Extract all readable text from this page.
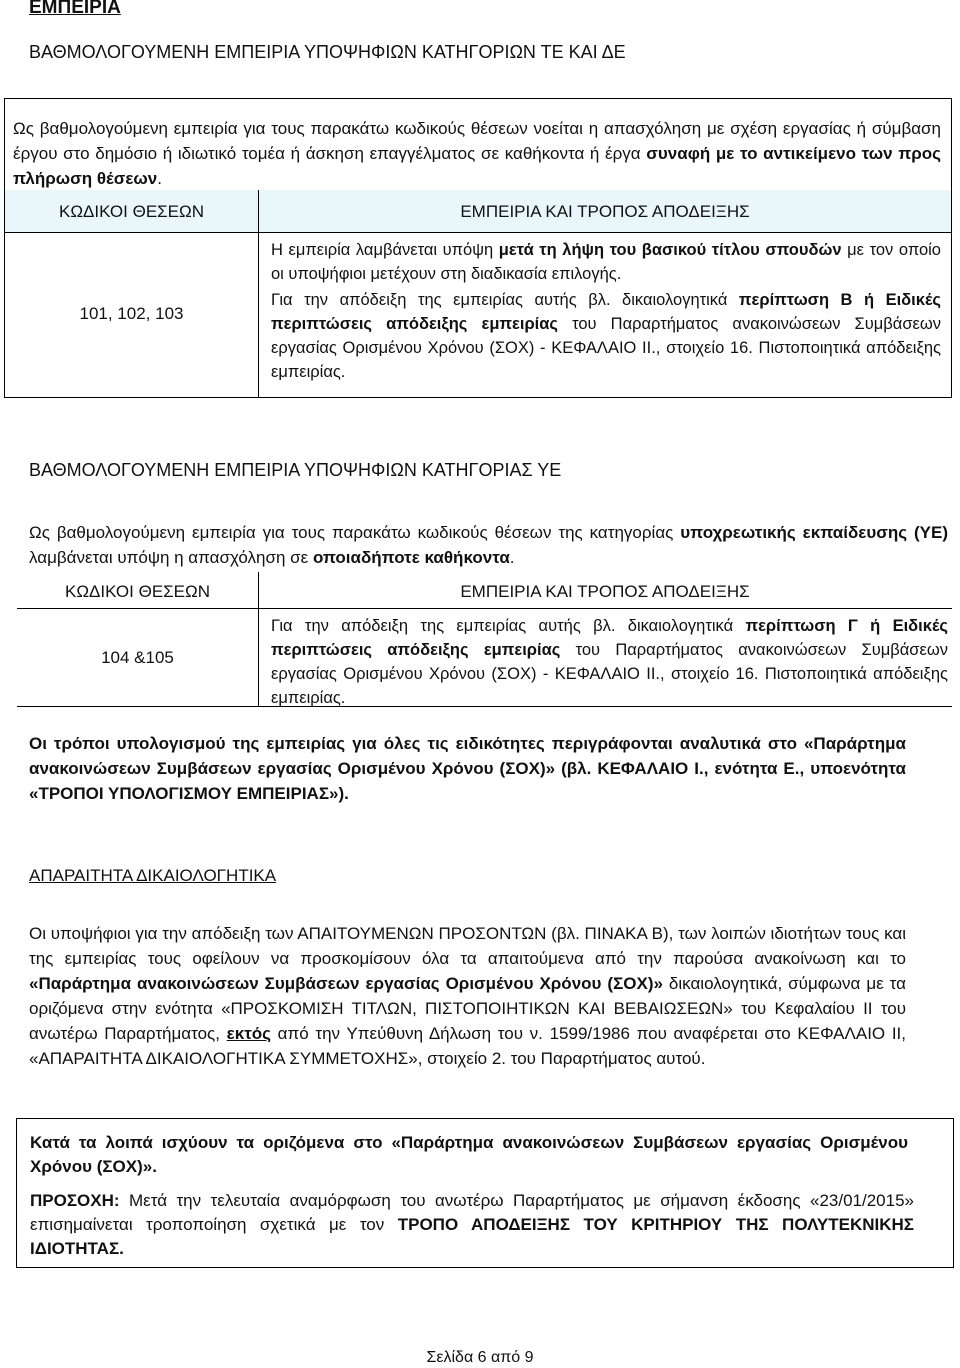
ΕΜΠΕΙΡΙΑ
ΒΑΘΜΟΛΟΓΟΥΜΕΝΗ ΕΜΠΕΙΡΙΑ ΥΠΟΨΗΦΙΩΝ ΚΑΤΗΓΟΡΙΩΝ ΤΕ ΚΑΙ ΔΕ
Ως βαθμολογούμενη εμπειρία για τους παρακάτω κωδικούς θέσεων νοείται η απασχόληση με σχέση εργασίας ή σύμβαση έργου στο δημόσιο ή ιδιωτικό τομέα ή άσκηση επαγγέλματος σε καθήκοντα ή έργα συναφή με το αντικείμενο των προς πλήρωση θέσεων.
ΚΩΔΙΚΟΙ ΘΕΣΕΩΝ	ΕΜΠΕΙΡΙΑ ΚΑΙ ΤΡΟΠΟΣ ΑΠΟΔΕΙΞΗΣ
101, 102, 103
Η εμπειρία λαμβάνεται υπόψη μετά τη λήψη του βασικού τίτλου σπουδών με τον οποίο οι υποψήφιοι μετέχουν στη διαδικασία επιλογής.
Για την απόδειξη της εμπειρίας αυτής βλ. δικαιολογητικά περίπτωση Β ή Ειδικές περιπτώσεις απόδειξης εμπειρίας του Παραρτήματος ανακοινώσεων Συμβάσεων εργασίας Ορισμένου Χρόνου (ΣΟΧ) - ΚΕΦΑΛΑΙΟ ΙΙ., στοιχείο 16. Πιστοποιητικά απόδειξης εμπειρίας.
ΒΑΘΜΟΛΟΓΟΥΜΕΝΗ ΕΜΠΕΙΡΙΑ ΥΠΟΨΗΦΙΩΝ ΚΑΤΗΓΟΡΙΑΣ ΥΕ
Ως βαθμολογούμενη εμπειρία για τους παρακάτω κωδικούς θέσεων της κατηγορίας υποχρεωτικής εκπαίδευσης (ΥΕ) λαμβάνεται υπόψη η απασχόληση σε οποιαδήποτε καθήκοντα.
ΚΩΔΙΚΟΙ ΘΕΣΕΩΝ	ΕΜΠΕΙΡΙΑ ΚΑΙ ΤΡΟΠΟΣ ΑΠΟΔΕΙΞΗΣ
104 &105
Για την απόδειξη της εμπειρίας αυτής βλ. δικαιολογητικά περίπτωση Γ ή Ειδικές περιπτώσεις απόδειξης εμπειρίας του Παραρτήματος ανακοινώσεων Συμβάσεων εργασίας Ορισμένου Χρόνου (ΣΟΧ) - ΚΕΦΑΛΑΙΟ ΙΙ., στοιχείο 16. Πιστοποιητικά απόδειξης εμπειρίας.
Οι τρόποι υπολογισμού της εμπειρίας για όλες τις ειδικότητες περιγράφονται αναλυτικά στο «Παράρτημα ανακοινώσεων Συμβάσεων εργασίας Ορισμένου Χρόνου (ΣΟΧ)» (βλ. ΚΕΦΑΛΑΙΟ Ι., ενότητα Ε., υποενότητα «ΤΡΟΠΟΙ ΥΠΟΛΟΓΙΣΜΟΥ ΕΜΠΕΙΡΙΑΣ»).
ΑΠΑΡΑΙΤΗΤΑ ΔΙΚΑΙΟΛΟΓΗΤΙΚΑ
Οι υποψήφιοι για την απόδειξη των ΑΠΑΙΤΟΥΜΕΝΩΝ ΠΡΟΣΟΝΤΩΝ (βλ. ΠΙΝΑΚΑ Β), των λοιπών ιδιοτήτων τους και της εμπειρίας τους οφείλουν να προσκομίσουν όλα τα απαιτούμενα από την παρούσα ανακοίνωση και το «Παράρτημα ανακοινώσεων Συμβάσεων εργασίας Ορισμένου Χρόνου (ΣΟΧ)» δικαιολογητικά, σύμφωνα με τα οριζόμενα στην ενότητα «ΠΡΟΣΚΟΜΙΣΗ ΤΙΤΛΩΝ, ΠΙΣΤΟΠΟΙΗΤΙΚΩΝ ΚΑΙ ΒΕΒΑΙΩΣΕΩΝ» του Κεφαλαίου ΙΙ του ανωτέρω Παραρτήματος, εκτός από την Υπεύθυνη Δήλωση του ν. 1599/1986 που αναφέρεται στο ΚΕΦΑΛΑΙΟ ΙΙ, «ΑΠΑΡΑΙΤΗΤΑ ΔΙΚΑΙΟΛΟΓΗΤΙΚΑ ΣΥΜΜΕΤΟΧΗΣ», στοιχείο 2. του Παραρτήματος αυτού.
Κατά τα λοιπά ισχύουν τα οριζόμενα στο «Παράρτημα ανακοινώσεων Συμβάσεων εργασίας Ορισμένου Χρόνου (ΣΟΧ)».
ΠΡΟΣΟΧΗ: Μετά την τελευταία αναμόρφωση του ανωτέρω Παραρτήματος με σήμανση έκδοσης «23/01/2015» επισημαίνεται τροποποίηση σχετικά με τον ΤΡΟΠΟ ΑΠΟΔΕΙΞΗΣ ΤΟΥ ΚΡΙΤΗΡΙΟΥ ΤΗΣ ΠΟΛΥΤΕΚΝΙΚΗΣ ΙΔΙΟΤΗΤΑΣ.
Σελίδα 6 από 9
